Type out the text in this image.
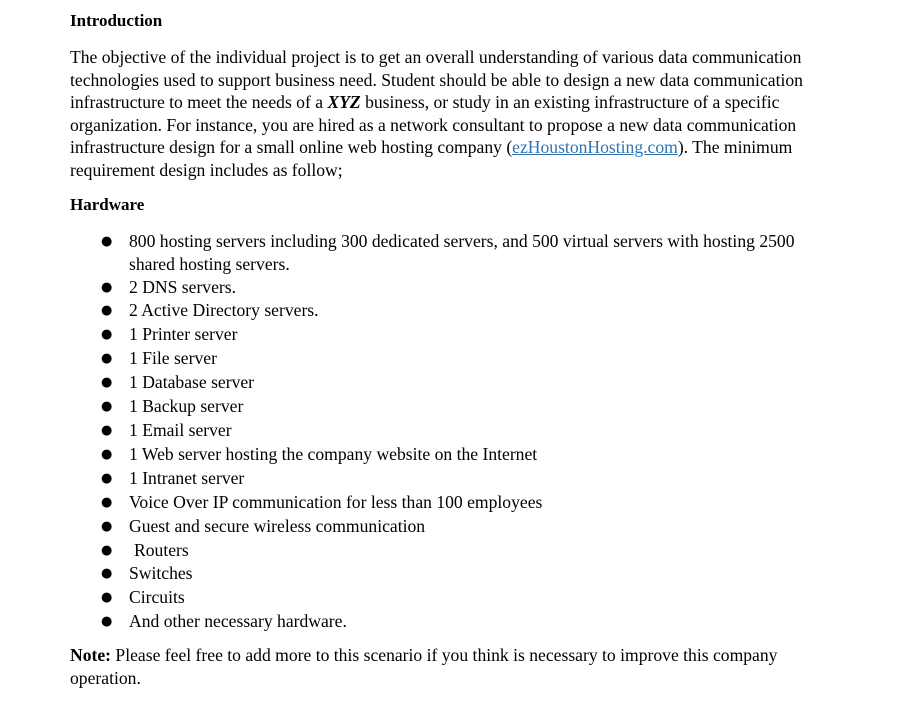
Introduction

The objective of the individual project is to get an overall understanding of various data communication technologies used to support business need. Student should be able to design a new data communication infrastructure to meet the needs of a XYZ business, or study in an existing infrastructure of a specific organization. For instance, you are hired as a network consultant to propose a new data communication infrastructure design for a small online web hosting company (ezHoustonHosting.com). The minimum requirement design includes as follow;

Hardware
● 800 hosting servers including 300 dedicated servers, and 500 virtual servers with hosting 2500 shared hosting servers.
● 2 DNS servers.
● 2 Active Directory servers.
● 1 Printer server
● 1 File server
● 1 Database server
● 1 Backup server
● 1 Email server
● 1 Web server hosting the company website on the Internet
● 1 Intranet server
● Voice Over IP communication for less than 100 employees
● Guest and secure wireless communication
● Routers
● Switches
● Circuits
● And other necessary hardware.

Note: Please feel free to add more to this scenario if you think is necessary to improve this company operation.
